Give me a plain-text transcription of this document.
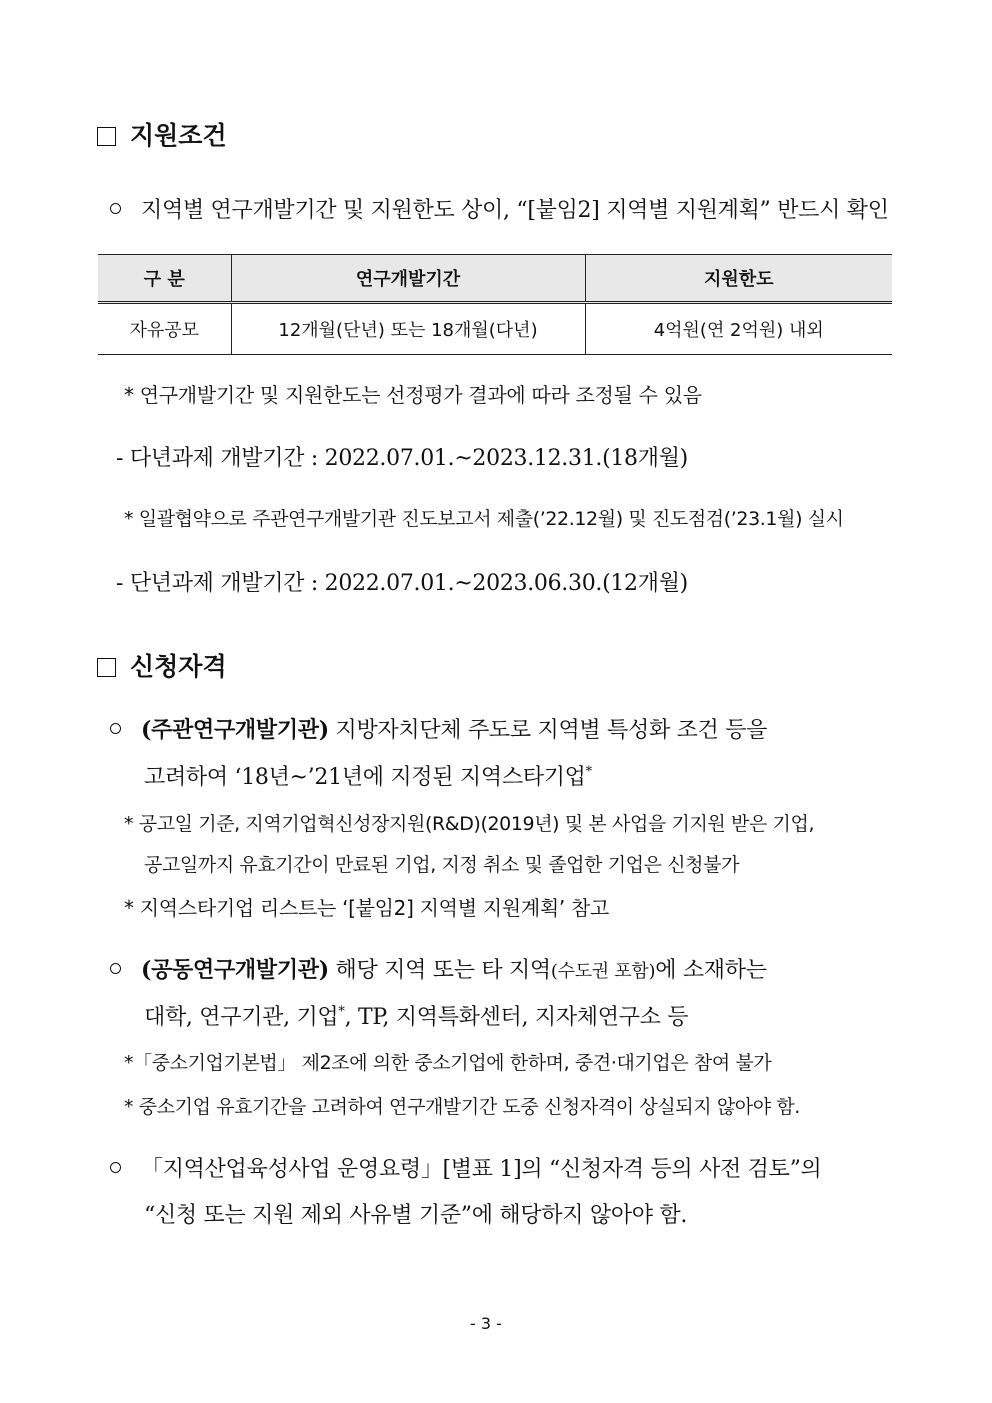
지원조건
지역별 연구개발기간 및 지원한도 상이, “[붙임2] 지역별 지원계획” 반드시 확인
구 분	연구개발기간	지원한도
자유공모	12개월(단년) 또는 18개월(다년)	4억원(연 2억원) 내외
* 연구개발기간 및 지원한도는 선정평가 결과에 따라 조정될 수 있음
- 다년과제 개발기간 : 2022.07.01.~2023.12.31.(18개월)
* 일괄협약으로 주관연구개발기관 진도보고서 제출(’22.12월) 및 진도점검(’23.1월) 실시
- 단년과제 개발기간 : 2022.07.01.~2023.06.30.(12개월)
신청자격
(주관연구개발기관) 지방자치단체 주도로 지역별 특성화 조건 등을
고려하여 ‘18년~’21년에 지정된 지역스타기업*
* 공고일 기준, 지역기업혁신성장지원(R&D)(2019년) 및 본 사업을 기지원 받은 기업,
공고일까지 유효기간이 만료된 기업, 지정 취소 및 졸업한 기업은 신청불가
* 지역스타기업 리스트는 ‘[붙임2] 지역별 지원계획’ 참고
(공동연구개발기관) 해당 지역 또는 타 지역(수도권 포함)에 소재하는
대학, 연구기관, 기업*, TP, 지역특화센터, 지자체연구소 등
*「중소기업기본법」 제2조에 의한 중소기업에 한하며, 중견·대기업은 참여 불가
* 중소기업 유효기간을 고려하여 연구개발기간 도중 신청자격이 상실되지 않아야 함.
「지역산업육성사업 운영요령」[별표 1]의 “신청자격 등의 사전 검토”의
“신청 또는 지원 제외 사유별 기준”에 해당하지 않아야 함.
- 3 -
